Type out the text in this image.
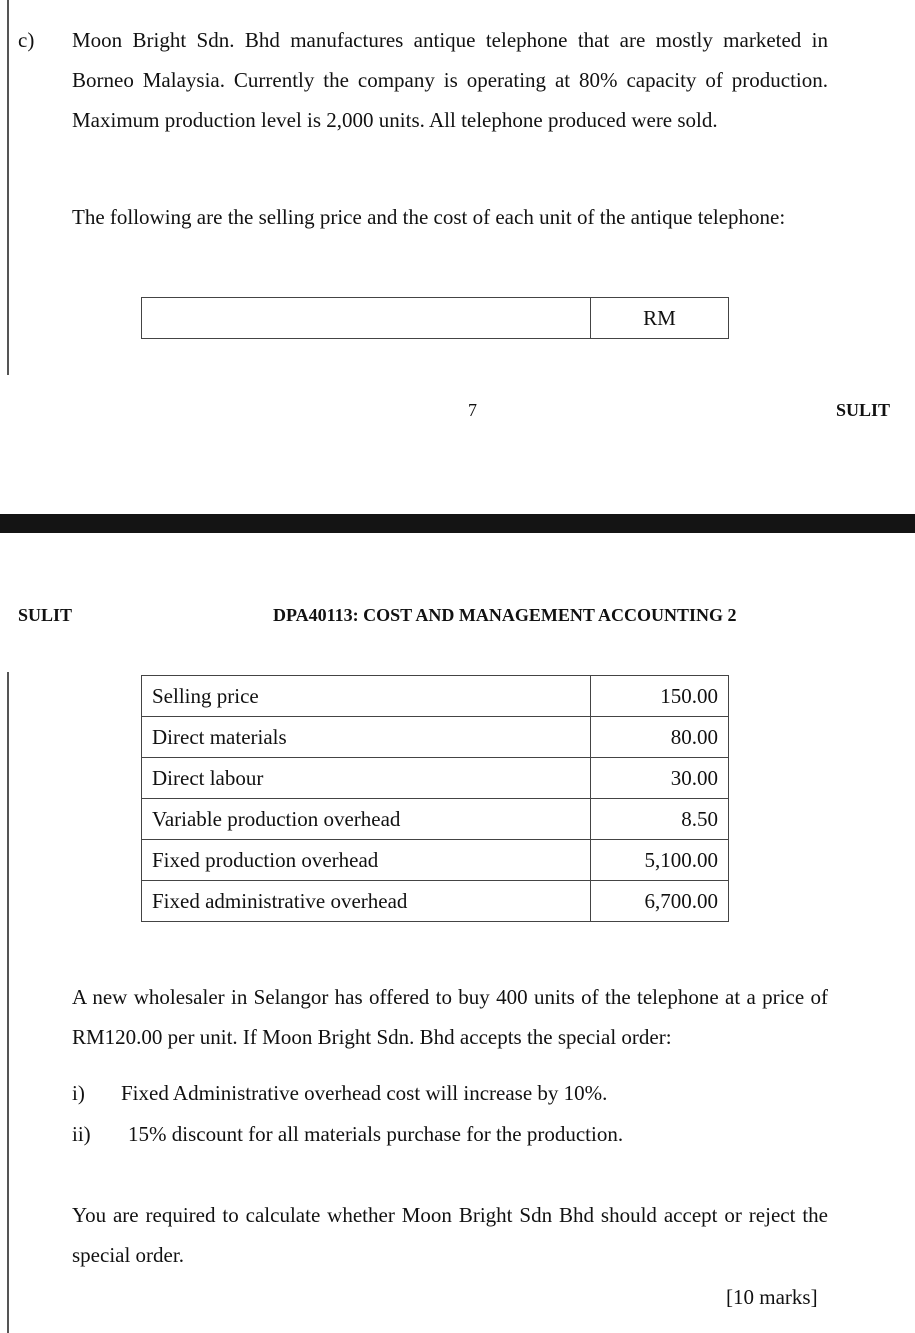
c) Moon Bright Sdn. Bhd manufactures antique telephone that are mostly marketed in Borneo Malaysia. Currently the company is operating at 80% capacity of production. Maximum production level is 2,000 units. All telephone produced were sold.
The following are the selling price and the cost of each unit of the antique telephone:
	RM
7	SULIT
SULIT	DPA40113: COST AND MANAGEMENT ACCOUNTING 2
Selling price	150.00
Direct materials	80.00
Direct labour	30.00
Variable production overhead	8.50
Fixed production overhead	5,100.00
Fixed administrative overhead	6,700.00
A new wholesaler in Selangor has offered to buy 400 units of the telephone at a price of RM120.00 per unit. If Moon Bright Sdn. Bhd accepts the special order:
i) Fixed Administrative overhead cost will increase by 10%.
ii) 15% discount for all materials purchase for the production.
You are required to calculate whether Moon Bright Sdn Bhd should accept or reject the special order.
[10 marks]
